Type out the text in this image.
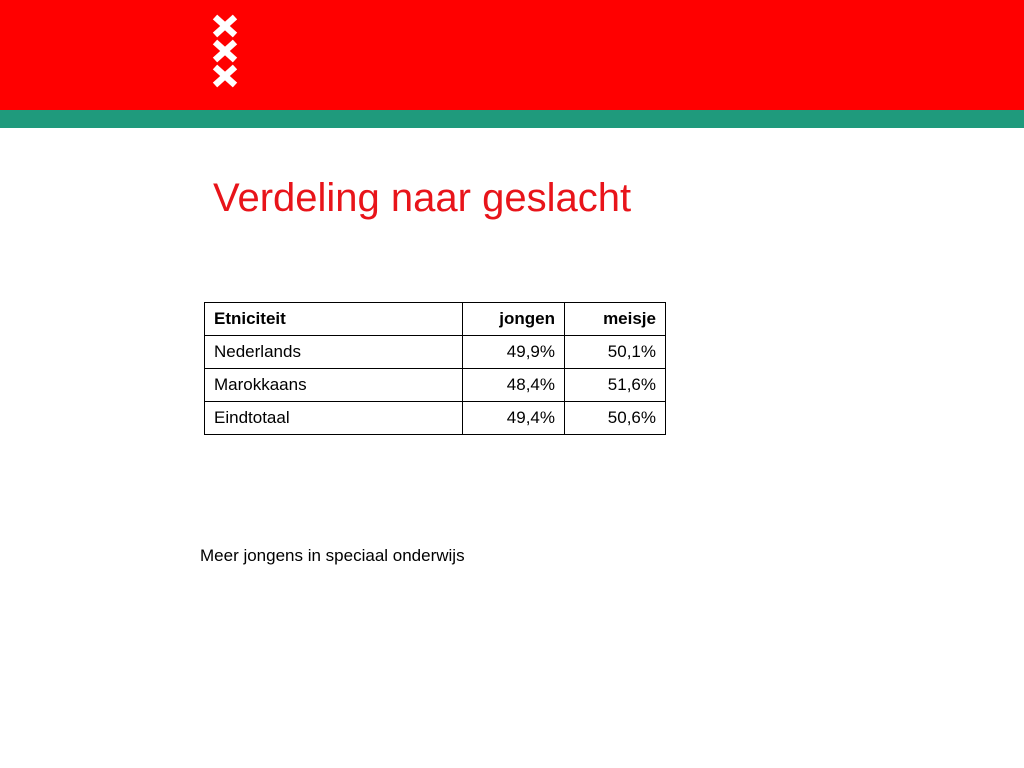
Verdeling naar geslacht
Etniciteit	jongen	meisje
Nederlands	49,9%	50,1%
Marokkaans	48,4%	51,6%
Eindtotaal	49,4%	50,6%
Meer jongens in speciaal onderwijs
